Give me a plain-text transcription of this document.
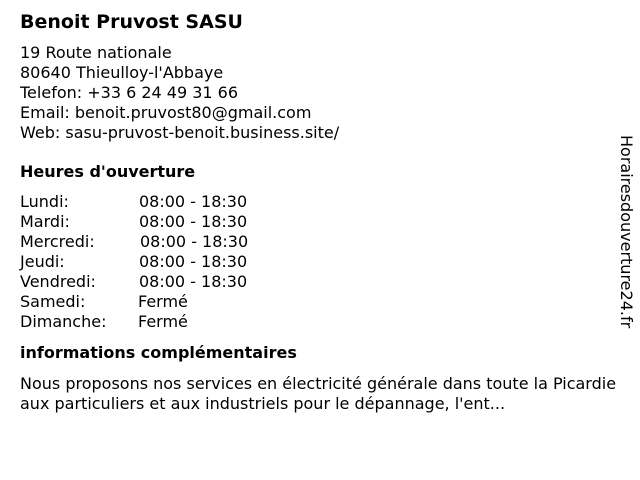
Benoit Pruvost SASU
19 Route nationale
80640 Thieulloy-l'Abbaye
Telefon: +33 6 24 49 31 66
Email: benoit.pruvost80@gmail.com
Web: sasu-pruvost-benoit.business.site/
Heures d'ouverture
Lundi:	08:00 - 18:30
Mardi:	08:00 - 18:30
Mercredi:	08:00 - 18:30
Jeudi:	08:00 - 18:30
Vendredi:	08:00 - 18:30
Samedi:	Fermé
Dimanche:	Fermé
informations complémentaires
Nous proposons nos services en électricité générale dans toute la Picardie aux particuliers et aux industriels pour le dépannage, l'ent...
Horairesdouverture24.fr
